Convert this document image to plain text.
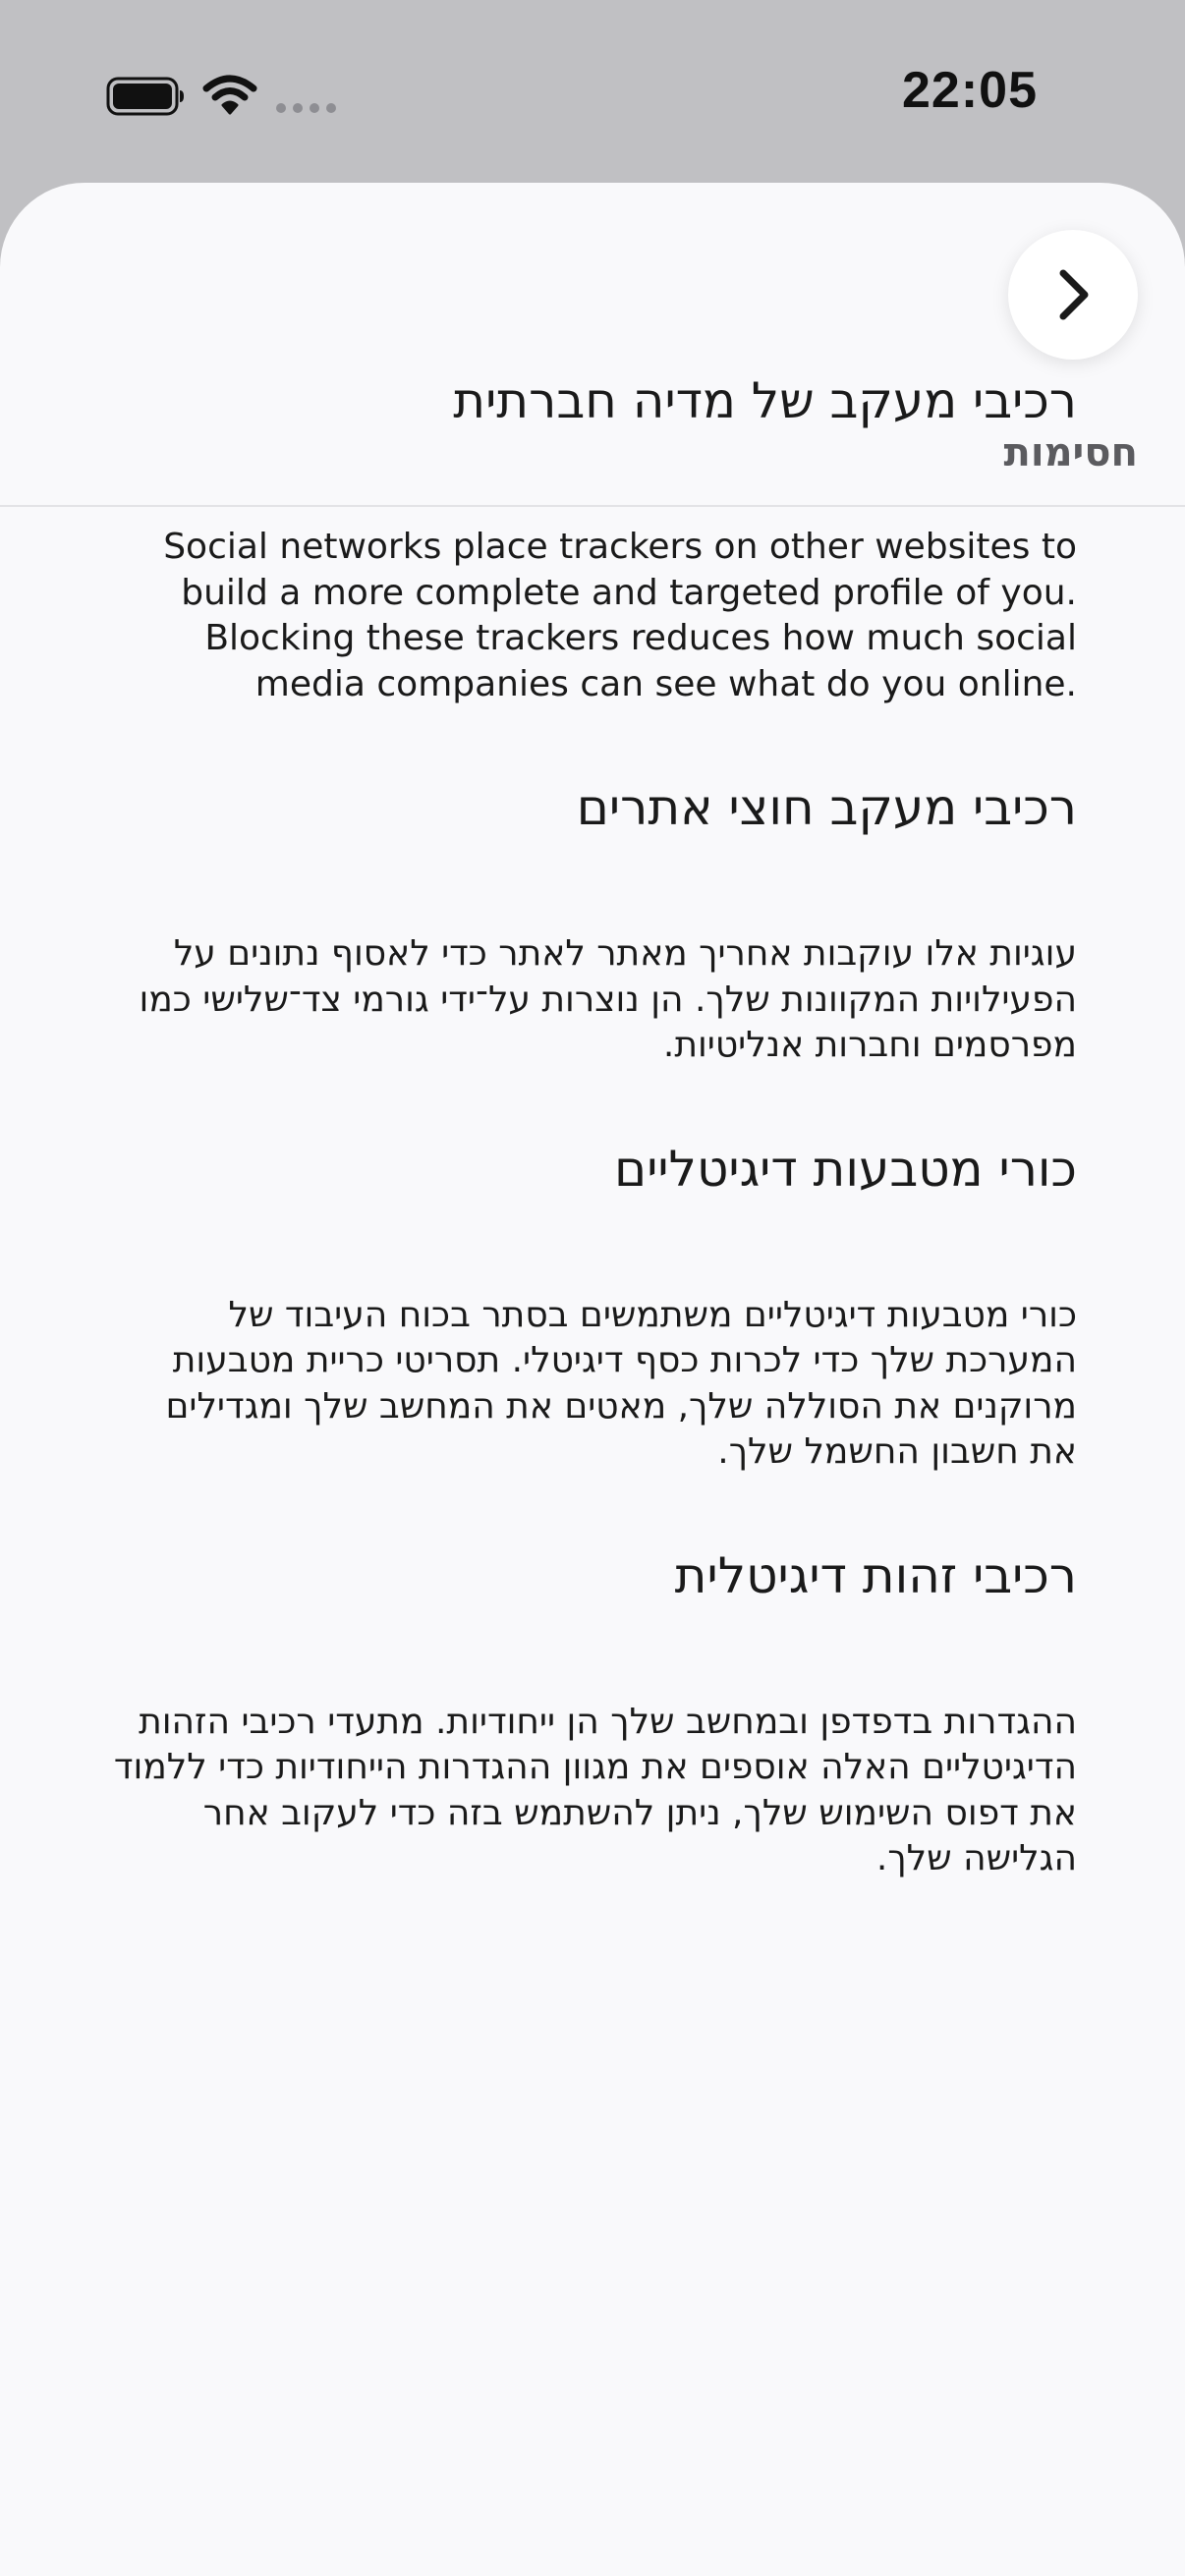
22:05
חסימות
רכיבי מעקב של מדיה חברתית

Social networks place trackers on other websites to build a more complete and targeted profile of you. Blocking these trackers reduces how much social media companies can see what do you online.

רכיבי מעקב חוצי אתרים

עוגיות אלו עוקבות אחריך מאתר לאתר כדי לאסוף נתונים על הפעילויות המקוונות שלך. הן נוצרות על־ידי גורמי צד־שלישי כמו מפרסמים וחברות אנליטיות.

כורי מטבעות דיגיטליים

כורי מטבעות דיגיטליים משתמשים בסתר בכוח העיבוד של המערכת שלך כדי לכרות כסף דיגיטלי. תסריטי כריית מטבעות מרוקנים את הסוללה שלך, מאטים את המחשב שלך ומגדילים את חשבון החשמל שלך.

רכיבי זהות דיגיטלית

ההגדרות בדפדפן ובמחשב שלך הן ייחודיות. מתעדי רכיבי הזהות הדיגיטליים האלה אוספים את מגוון ההגדרות הייחודיות כדי ללמוד את דפוס השימוש שלך, ניתן להשתמש בזה כדי לעקוב אחר הגלישה שלך.
